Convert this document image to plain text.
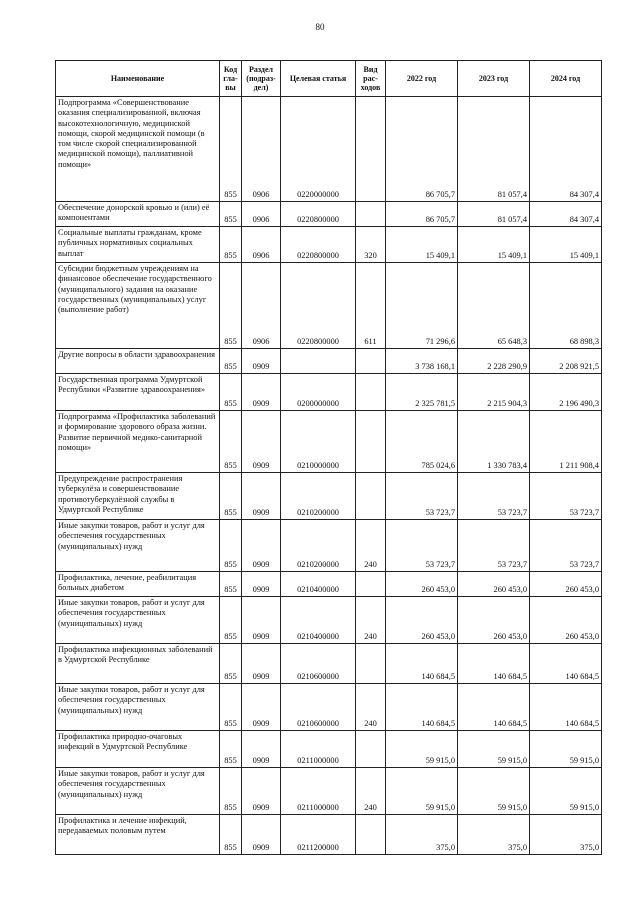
80
Наименование	Код
гла-
вы	Раздел
(подраз-
дел)	Целевая статья	Вид
рас-
ходов	2022 год	2023 год	2024 год
Подпрограмма «Совершенствование оказания специализированной, включая высокотехнологичную, медицинской помощи, скорой медицинской помощи (в том числе скорой специализированной медицинской помощи), паллиативной помощи»	855	0906	0220000000		86 705,7	81 057,4	84 307,4
Обеспечение донорской кровью и (или) её компонентами	855	0906	0220800000		86 705,7	81 057,4	84 307,4
Социальные выплаты гражданам, кроме публичных нормативных социальных выплат	855	0906	0220800000	320	15 409,1	15 409,1	15 409,1
Субсидии бюджетным учреждениям на финансовое обеспечение государственного (муниципального) задания на оказание государственных (муниципальных) услуг (выполнение работ)	855	0906	0220800000	611	71 296,6	65 648,3	68 898,3
Другие вопросы в области здравоохранения	855	0909			3 738 168,1	2 228 290,9	2 208 921,5
Государственная программа Удмуртской Республики «Развитие здравоохранения»	855	0909	0200000000		2 325 781,5	2 215 904,3	2 196 490,3
Подпрограмма «Профилактика заболеваний и формирование здорового образа жизни. Развитие первичной медико-санитарной помощи»	855	0909	0210000000		785 024,6	1 330 783,4	1 211 908,4
Предупреждение распространения туберкулёза и совершенствование противотуберкулёзной службы в Удмуртской Республике	855	0909	0210200000		53 723,7	53 723,7	53 723,7
Иные закупки товаров, работ и услуг для обеспечения государственных (муниципальных) нужд	855	0909	0210200000	240	53 723,7	53 723,7	53 723,7
Профилактика, лечение, реабилитация больных диабетом	855	0909	0210400000		260 453,0	260 453,0	260 453,0
Иные закупки товаров, работ и услуг для обеспечения государственных (муниципальных) нужд	855	0909	0210400000	240	260 453,0	260 453,0	260 453,0
Профилактика инфекционных заболеваний в Удмуртской Республике	855	0909	0210600000		140 684,5	140 684,5	140 684,5
Иные закупки товаров, работ и услуг для обеспечения государственных (муниципальных) нужд	855	0909	0210600000	240	140 684,5	140 684,5	140 684,5
Профилактика природно-очаговых инфекций в Удмуртской Республике	855	0909	0211000000		59 915,0	59 915,0	59 915,0
Иные закупки товаров, работ и услуг для обеспечения государственных (муниципальных) нужд	855	0909	0211000000	240	59 915,0	59 915,0	59 915,0
Профилактика и лечение инфекций, передаваемых половым путем	855	0909	0211200000		375,0	375,0	375,0
